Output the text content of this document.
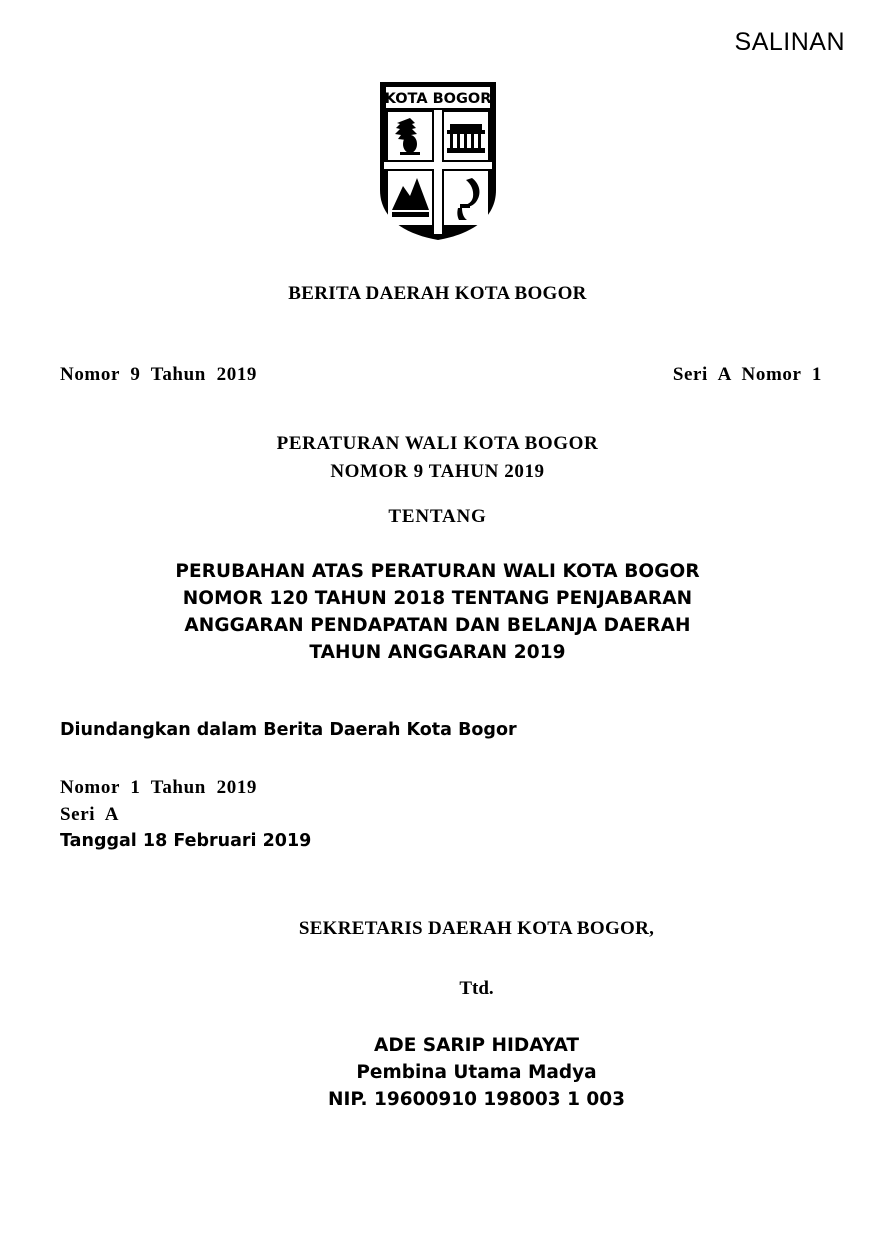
SALINAN
KOTA BOGOR
BERITA DAERAH KOTA BOGOR
Nomor  9  Tahun  2019	Seri  A  Nomor  1
PERATURAN WALI KOTA BOGOR
NOMOR 9 TAHUN 2019
TENTANG
PERUBAHAN ATAS PERATURAN WALI KOTA BOGOR
NOMOR 120 TAHUN 2018 TENTANG PENJABARAN
ANGGARAN PENDAPATAN DAN BELANJA DAERAH
TAHUN ANGGARAN 2019
Diundangkan dalam Berita Daerah Kota Bogor
Nomor  1  Tahun  2019
Seri  A
Tanggal 18 Februari 2019
SEKRETARIS DAERAH KOTA BOGOR,
Ttd.
ADE SARIP HIDAYAT
Pembina Utama Madya
NIP. 19600910 198003 1 003
